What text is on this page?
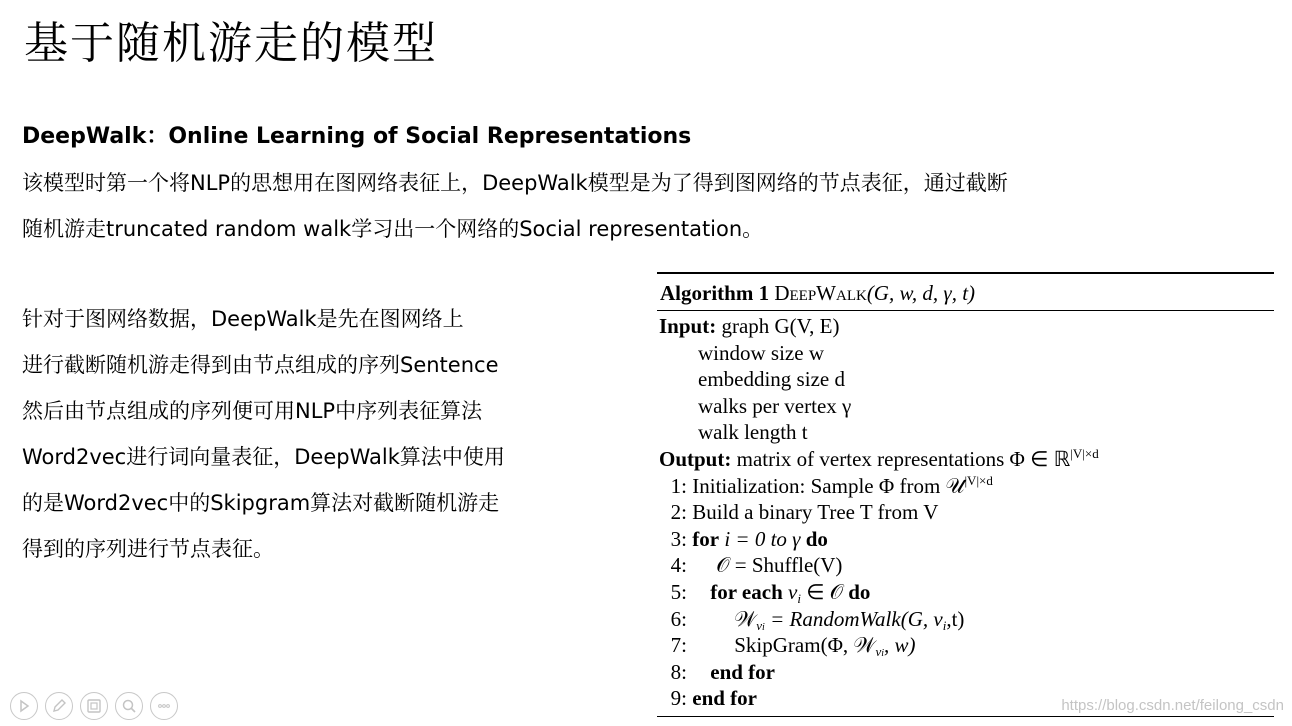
基于随机游走的模型
DeepWalk：Online Learning of Social Representations
该模型时第一个将NLP的思想用在图网络表征上，DeepWalk模型是为了得到图网络的节点表征，通过截断
随机游走truncated random walk学习出一个网络的Social representation。
针对于图网络数据，DeepWalk是先在图网络上
进行截断随机游走得到由节点组成的序列Sentence
然后由节点组成的序列便可用NLP中序列表征算法
Word2vec进行词向量表征，DeepWalk算法中使用
的是Word2vec中的Skipgram算法对截断随机游走
得到的序列进行节点表征。
Algorithm 1 DeepWalk(G, w, d, γ, t)
Input: graph G(V, E)
window size w
embedding size d
walks per vertex γ
walk length t
Output: matrix of vertex representations Φ ∈ ℝ$^{|V|\times d}$
1: Initialization: Sample Φ from 𝒰$^{|V|\times d}$
2: Build a binary Tree T from V
3: for i = 0 to γ do
4: 𝒪 = Shuffle(V)
5: for each $v_i$ ∈ 𝒪 do
6: 𝒲$_{vi}$ = RandomWalk(G, $v_i,t$)
7: SkipGram(Φ, 𝒲$_{vi}$, w)
8: end for
9: end for	https://blog.csdn.net/feilong_csdn
